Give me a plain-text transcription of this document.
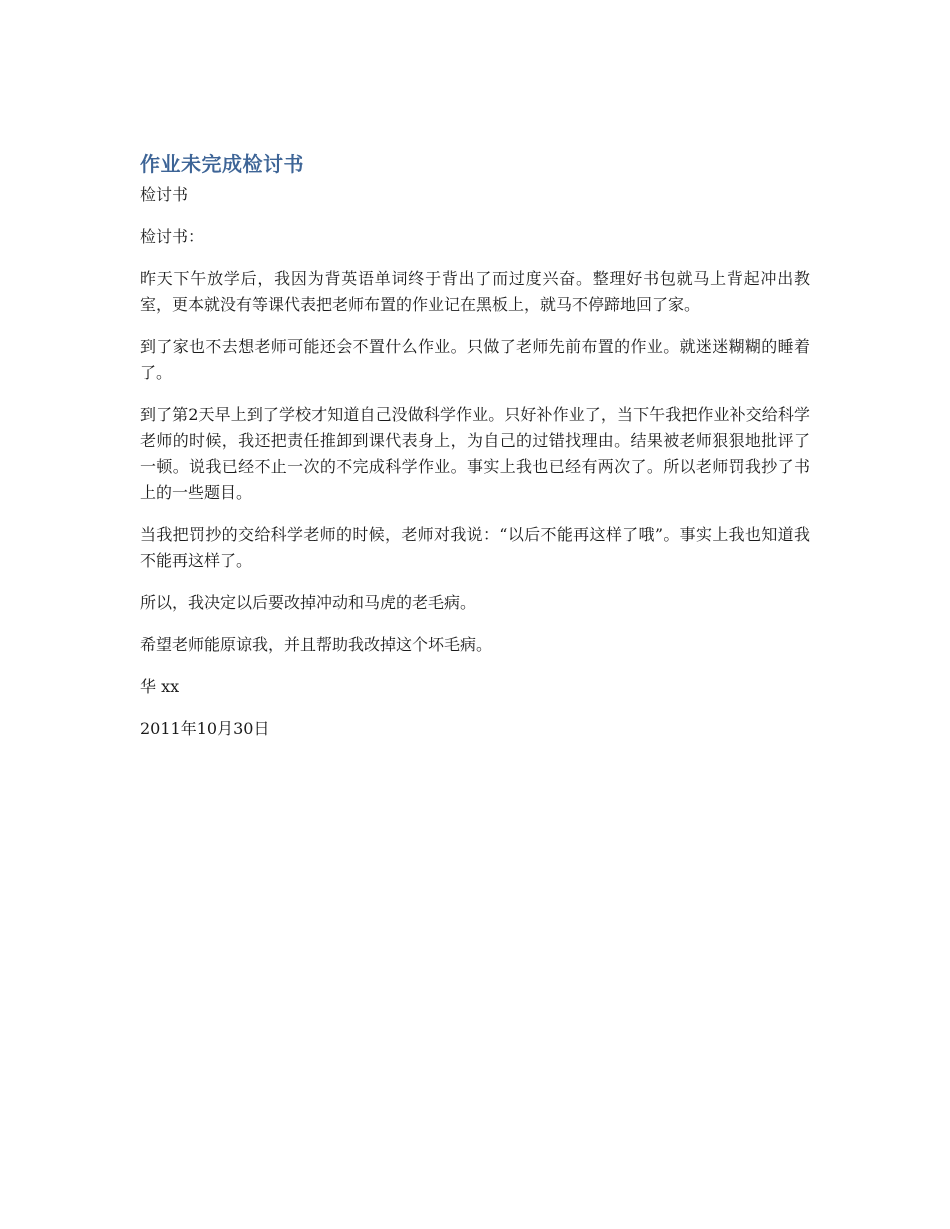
作业未完成检讨书

检讨书

检讨书：

昨天下午放学后，我因为背英语单词终于背出了而过度兴奋。整理好书包就马上背起冲出教室，更本就没有等课代表把老师布置的作业记在黑板上，就马不停蹄地回了家。

到了家也不去想老师可能还会不置什么作业。只做了老师先前布置的作业。就迷迷糊糊的睡着了。

到了第2天早上到了学校才知道自己没做科学作业。只好补作业了，当下午我把作业补交给科学老师的时候，我还把责任推卸到课代表身上，为自己的过错找理由。结果被老师狠狠地批评了一顿。说我已经不止一次的不完成科学作业。事实上我也已经有两次了。所以老师罚我抄了书上的一些题目。

当我把罚抄的交给科学老师的时候，老师对我说：“以后不能再这样了哦”。事实上我也知道我不能再这样了。

所以，我决定以后要改掉冲动和马虎的老毛病。

希望老师能原谅我，并且帮助我改掉这个坏毛病。

华 xx

2011年10月30日
